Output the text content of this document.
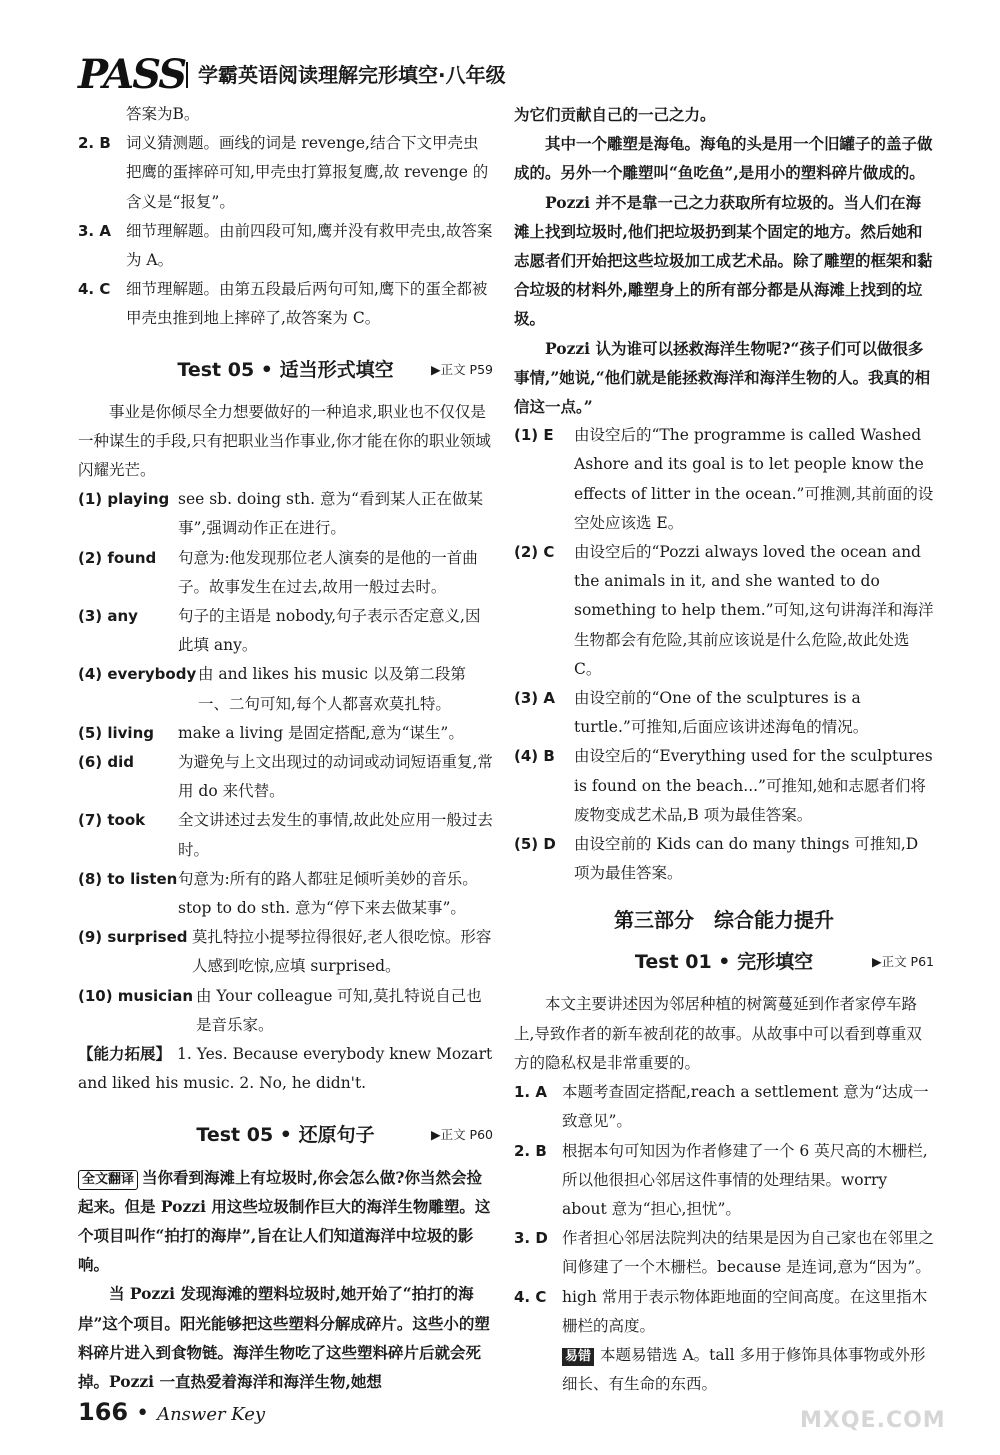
PASS 学霸英语阅读理解完形填空·八年级
答案为B。
2. B 词义猜测题。画线的词是 revenge,结合下文甲壳虫把鹰的蛋摔碎可知,甲壳虫打算报复鹰,故 revenge 的含义是“报复”。
3. A 细节理解题。由前四段可知,鹰并没有救甲壳虫,故答案为 A。
4. C	细节理解题。由第五段最后两句可知,鹰下的蛋全都被甲壳虫推到地上摔碎了,故答案为 C。
Test 05 • 适当形式填空	▶正文 P59
事业是你倾尽全力想要做好的一种追求,职业也不仅仅是一种谋生的手段,只有把职业当作事业,你才能在你的职业领域闪耀光芒。
(1) playing see sb. doing sth. 意为“看到某人正在做某事”,强调动作正在进行。
(2) found	句意为:他发现那位老人演奏的是他的一首曲子。故事发生在过去,故用一般过去时。
(3) any	句子的主语是 nobody,句子表示否定意义,因此填 any。
(4) everybody 由 and likes his music 以及第二段第一、二句可知,每个人都喜欢莫扎特。
(5) living	make a living 是固定搭配,意为“谋生”。
(6) did	为避免与上文出现过的动词或动词短语重复,常用 do 来代替。
(7) took	全文讲述过去发生的事情,故此处应用一般过去时。
(8) to listen 句意为:所有的路人都驻足倾听美妙的音乐。stop to do sth. 意为“停下来去做某事”。
(9) surprised 莫扎特拉小提琴拉得很好,老人很吃惊。形容人感到吃惊,应填 surprised。
(10) musician 由 Your colleague 可知,莫扎特说自己也是音乐家。
【能力拓展】 1. Yes. Because everybody knew Mozart and liked his music. 2. No, he didn't.
Test 05 • 还原句子	▶正文 P60
全文翻译 当你看到海滩上有垃圾时,你会怎么做?你当然会捡起来。但是 Pozzi 用这些垃圾制作巨大的海洋生物雕塑。这个项目叫作“拍打的海岸”,旨在让人们知道海洋中垃圾的影响。
当 Pozzi 发现海滩的塑料垃圾时,她开始了“拍打的海岸”这个项目。阳光能够把这些塑料分解成碎片。这些小的塑料碎片进入到食物链。海洋生物吃了这些塑料碎片后就会死掉。Pozzi 一直热爱着海洋和海洋生物,她想
为它们贡献自己的一己之力。
其中一个雕塑是海龟。海龟的头是用一个旧罐子的盖子做成的。另外一个雕塑叫“鱼吃鱼”,是用小的塑料碎片做成的。
Pozzi 并不是靠一己之力获取所有垃圾的。当人们在海滩上找到垃圾时,他们把垃圾扔到某个固定的地方。然后她和志愿者们开始把这些垃圾加工成艺术品。除了雕塑的框架和黏合垃圾的材料外,雕塑身上的所有部分都是从海滩上找到的垃圾。
Pozzi 认为谁可以拯救海洋生物呢?“孩子们可以做很多事情,”她说,“他们就是能拯救海洋和海洋生物的人。我真的相信这一点。”
(1) E	由设空后的“The programme is called Washed Ashore and its goal is to let people know the effects of litter in the ocean.”可推测,其前面的设空处应该选 E。
(2) C	由设空后的“Pozzi always loved the ocean and the animals in it, and she wanted to do something to help them.”可知,这句讲海洋和海洋生物都会有危险,其前应该说是什么危险,故此处选 C。
(3) A	由设空前的“One of the sculptures is a turtle.”可推知,后面应该讲述海龟的情况。
(4) B	由设空后的“Everything used for the sculptures is found on the beach...”可推知,她和志愿者们将废物变成艺术品,B 项为最佳答案。
(5) D	由设空前的 Kids can do many things 可推知,D 项为最佳答案。
第三部分　综合能力提升
Test 01 • 完形填空	▶正文 P61
本文主要讲述因为邻居种植的树篱蔓延到作者家停车路上,导致作者的新车被刮花的故事。从故事中可以看到尊重双方的隐私权是非常重要的。
1. A 本题考查固定搭配,reach a settlement 意为“达成一致意见”。
2. B 根据本句可知因为作者修建了一个 6 英尺高的木栅栏,所以他很担心邻居这件事情的处理结果。worry about 意为“担心,担忧”。
3. D 作者担心邻居法院判决的结果是因为自己家也在邻里之间修建了一个木栅栏。because 是连词,意为“因为”。
4. C	high 常用于表示物体距地面的空间高度。在这里指木栅栏的高度。
易错 本题易错选 A。tall 多用于修饰具体事物或外形细长、有生命的东西。
166 • Answer Key	MXQE.COM
